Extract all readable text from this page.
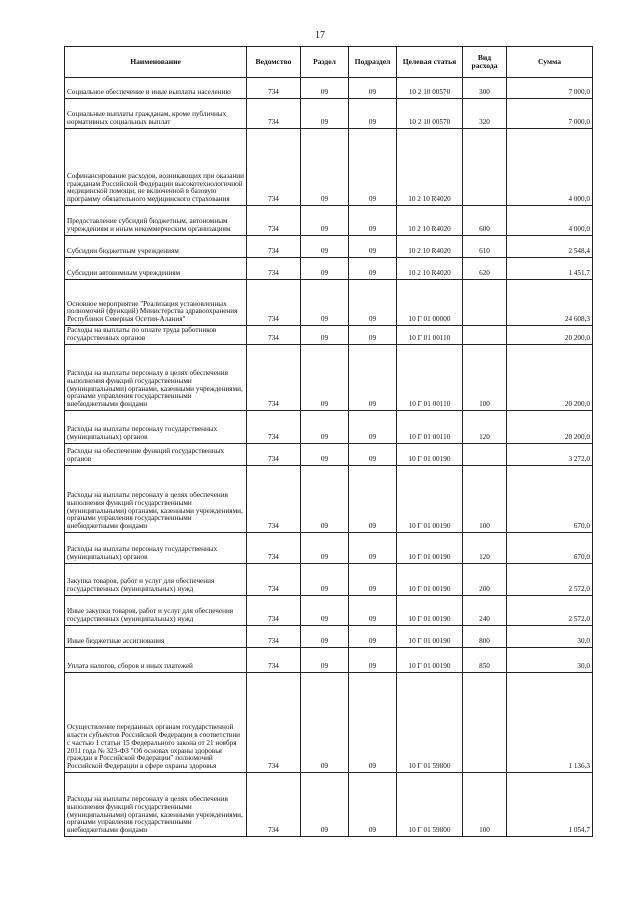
17
Наименование	Ведомство	Раздел	Подраздел	Целевая статья	Вид расхода	Сумма
Социальное обеспечение и иные выплаты населению	734	09	09	10 2 10 00570	300	7 000,0
Социальные выплаты гражданам, кроме публичных нормативных социальных выплат	734	09	09	10 2 10 00570	320	7 000,0
Софинансирование расходов, возникающих при оказании гражданам Российской Федерации высокотехнологичной медицинской помощи, не включенной в базовую программу обязательного медицинского страхования	734	09	09	10 2 10 R4020		4 000,0
Предоставление субсидий бюджетным, автономным учреждениям и иным некоммерческим организациям	734	09	09	10 2 10 R4020	600	4 000,0
Субсидии бюджетным учреждениям	734	09	09	10 2 10 R4020	610	2 548,4
Субсидии автономным учреждениям	734	09	09	10 2 10 R4020	620	1 451,7
Основное мероприятие "Реализация установленных полномочий (функций) Министерства здравоохранения Республики Северная Осетия-Алания"	734	09	09	10 Г 01 00000		24 608,3
Расходы на выплаты по оплате труда работников государственных органов	734	09	09	10 Г 01 00110		20 200,0
Расходы на выплаты персоналу в целях обеспечения выполнения функций государственными (муниципальными) органами, казенными учреждениями, органами управления государственными внебюджетными фондами	734	09	09	10 Г 01 00110	100	20 200,0
Расходы на выплаты персоналу государственных (муниципальных) органов	734	09	09	10 Г 01 00110	120	20 200,0
Расходы на обеспечение функций государственных органов	734	09	09	10 Г 01 00190		3 272,0
Расходы на выплаты персоналу в целях обеспечения выполнения функций государственными (муниципальными) органами, казенными учреждениями, органами управления государственными внебюджетными фондами	734	09	09	10 Г 01 00190	100	670,0
Расходы на выплаты персоналу государственных (муниципальных) органов	734	09	09	10 Г 01 00190	120	670,0
Закупка товаров, работ и услуг для обеспечения государственных (муниципальных) нужд	734	09	09	10 Г 01 00190	200	2 572,0
Иные закупки товаров, работ и услуг для обеспечения государственных (муниципальных) нужд	734	09	09	10 Г 01 00190	240	2 572,0
Иные бюджетные ассигнования	734	09	09	10 Г 01 00190	800	30,0
Уплата налогов, сборов и иных платежей	734	09	09	10 Г 01 00190	850	30,0
Осуществление переданных органам государственной власти субъектов Российской Федерации в соответствии с частью 1 статьи 15 Федерального закона от 21 ноября 2011 года № 323-ФЗ "Об основах охраны здоровья граждан в Российской Федерации" полномочий Российской Федерации в сфере охраны здоровья	734	09	09	10 Г 01 59800		1 136,3
Расходы на выплаты персоналу в целях обеспечения выполнения функций государственными (муниципальными) органами, казенными учреждениями, органами управления государственными внебюджетными фондами	734	09	09	10 Г 01 59800	100	1 054,7
